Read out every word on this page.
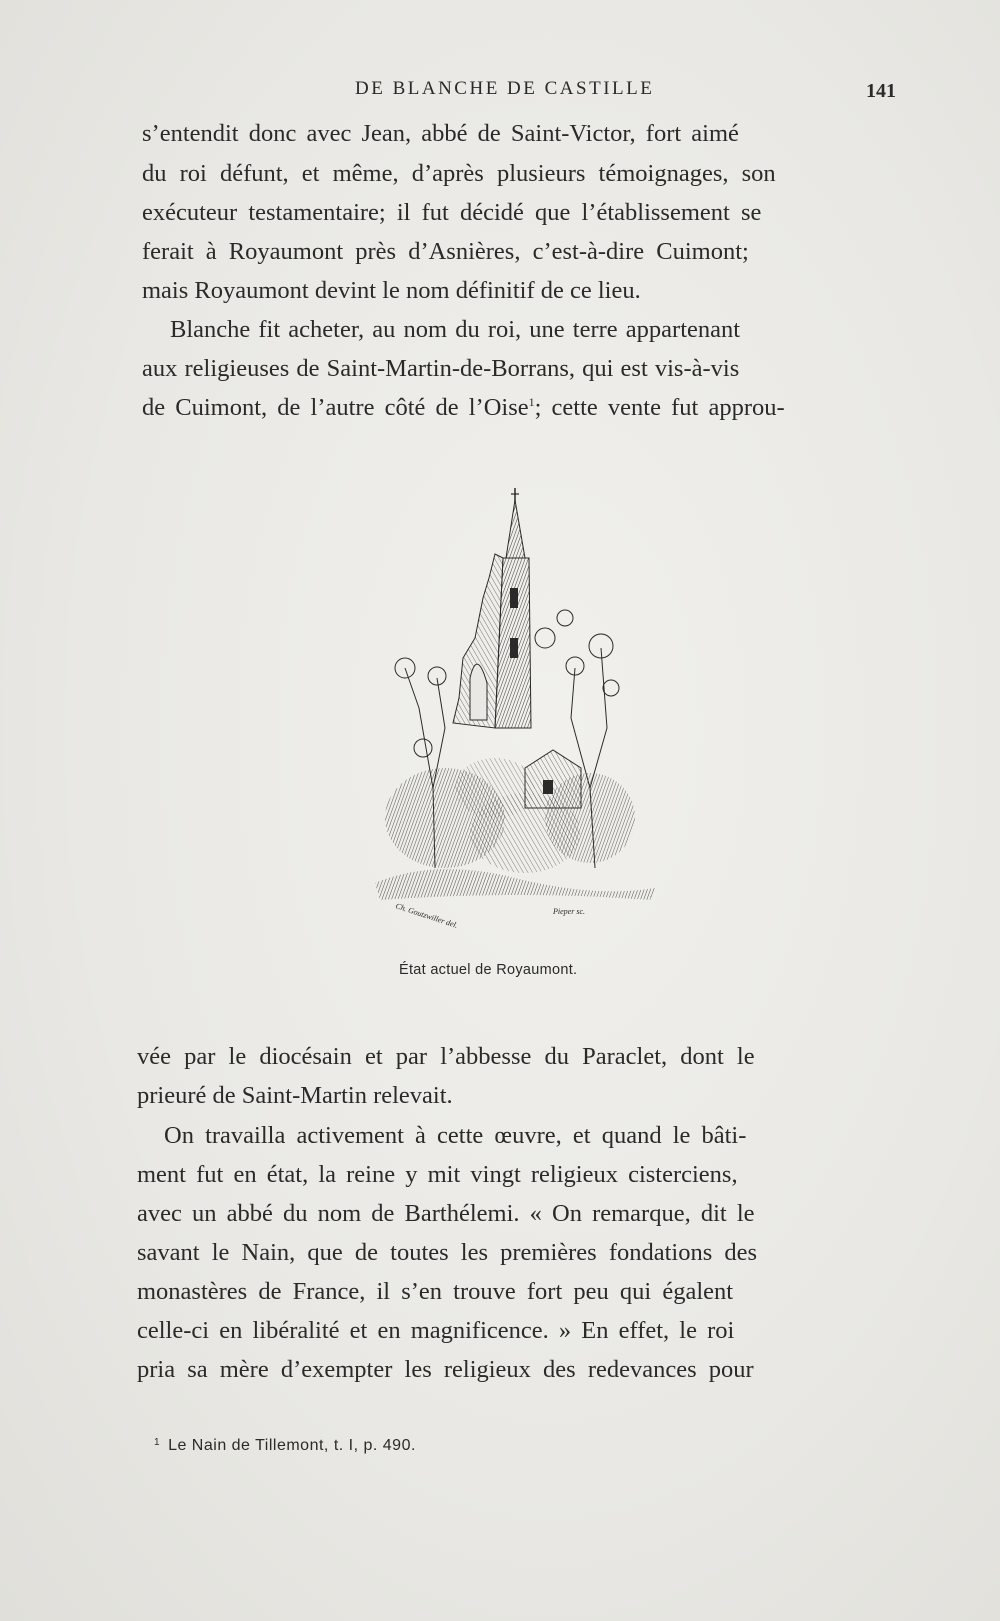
DE BLANCHE DE CASTILLE	141
s’entendit donc avec Jean, abbé de Saint-Victor, fort aimé
du roi défunt, et même, d’après plusieurs témoignages, son
exécuteur testamentaire; il fut décidé que l’établissement se
ferait à Royaumont près d’Asnières, c’est-à-dire Cuimont;
mais Royaumont devint le nom définitif de ce lieu.
Blanche fit acheter, au nom du roi, une terre appartenant
aux religieuses de Saint-Martin-de-Borrans, qui est vis-à-vis
de Cuimont, de l’autre côté de l’Oise$^1$; cette vente fut approu-
Ch. Goutzwiller del.	Pieper sc.
État actuel de Royaumont.
vée par le diocésain et par l’abbesse du Paraclet, dont le
prieuré de Saint-Martin relevait.
On travailla activement à cette œuvre, et quand le bâti-
ment fut en état, la reine y mit vingt religieux cisterciens,
avec un abbé du nom de Barthélemi. « On remarque, dit le
savant le Nain, que de toutes les premières fondations des
monastères de France, il s’en trouve fort peu qui égalent
celle-ci en libéralité et en magnificence. » En effet, le roi
pria sa mère d’exempter les religieux des redevances pour
$^1$ Le Nain de Tillemont, t. I, p. 490.
